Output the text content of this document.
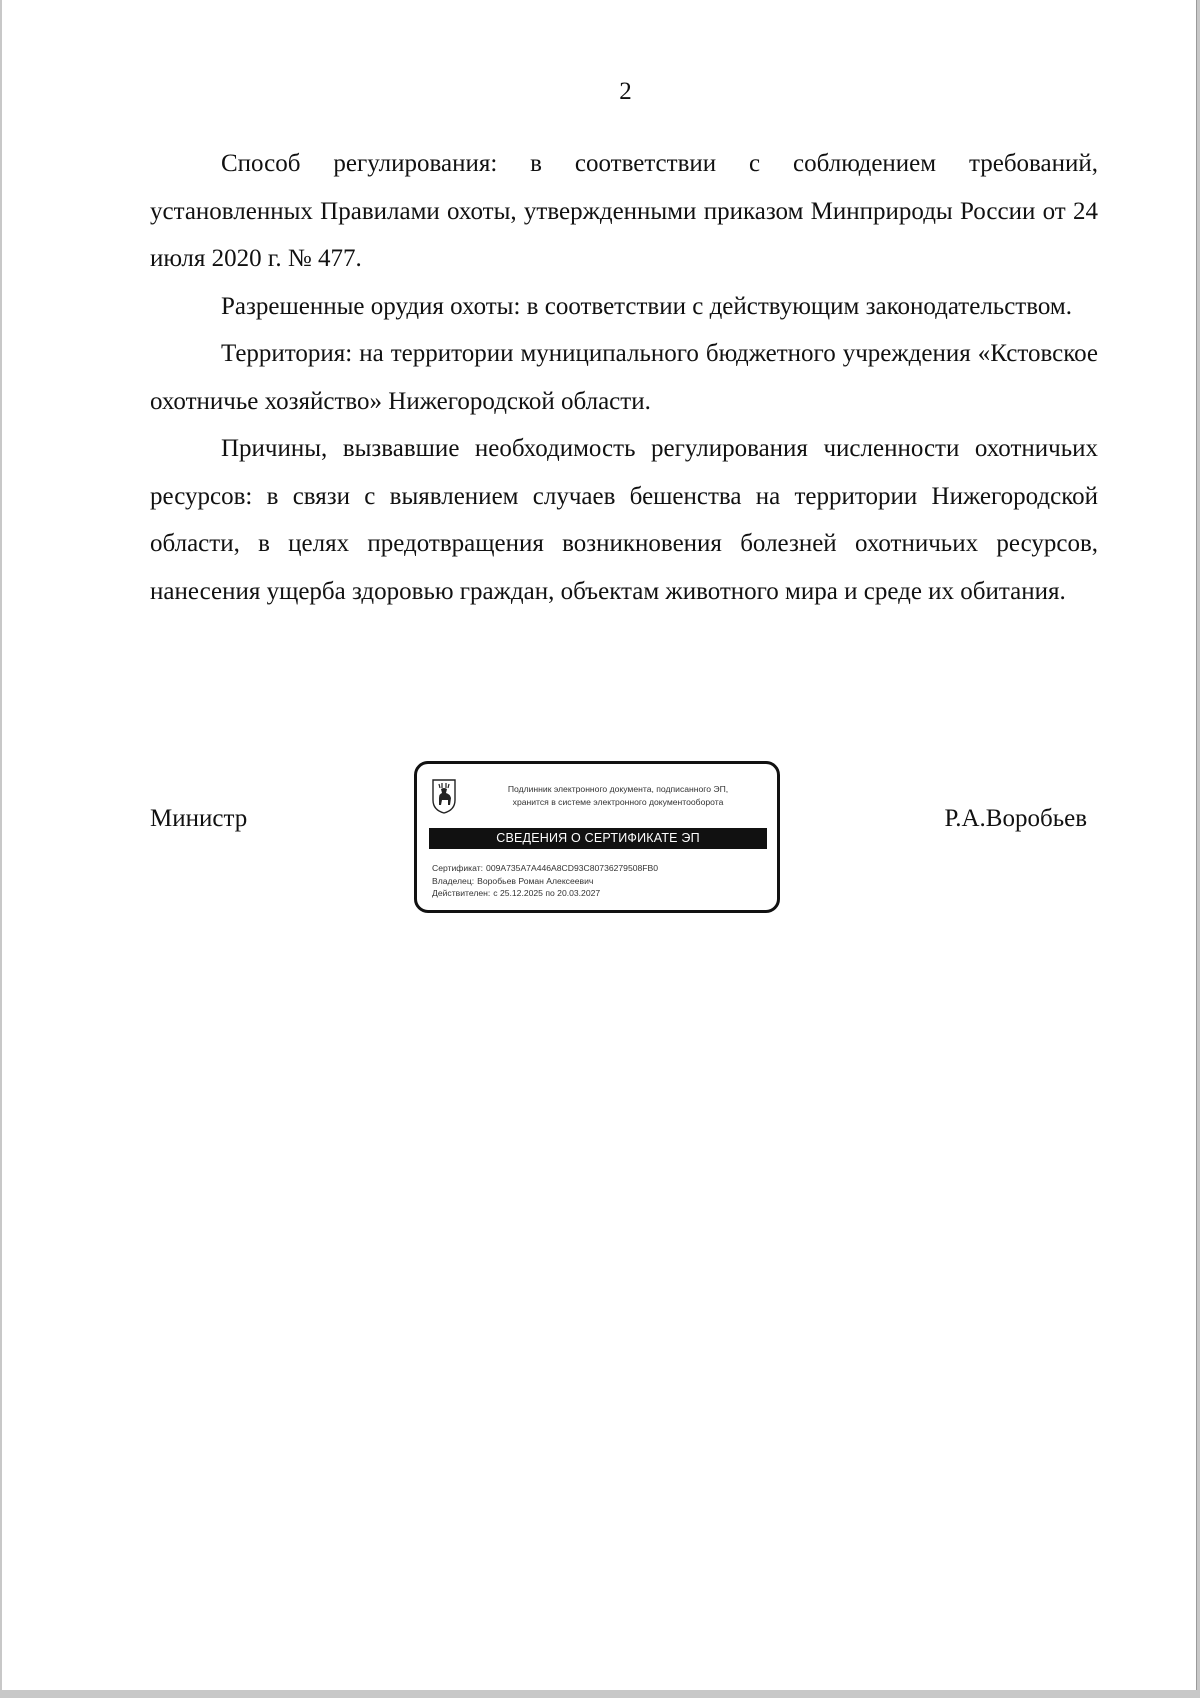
2

Способ регулирования: в соответствии с соблюдением требований, установленных Правилами охоты, утвержденными приказом Минприроды России от 24 июля 2020 г. № 477.

Разрешенные орудия охоты: в соответствии с действующим законодательством.

Территория: на территории муниципального бюджетного учреждения «Кстовское охотничье хозяйство» Нижегородской области.

Причины, вызвавшие необходимость регулирования численности охотничьих ресурсов: в связи с выявлением случаев бешенства на территории Нижегородской области, в целях предотвращения возникновения болезней охотничьих ресурсов, нанесения ущерба здоровью граждан, объектам животного мира и среде их обитания.

Министр
Подлинник электронного документа, подписанного ЭП,
хранится в системе электронного документооборота
СВЕДЕНИЯ О СЕРТИФИКАТЕ ЭП
Сертификат: 009A735A7A446A8CD93C80736279508FB0
Владелец: Воробьев Роман Алексеевич
Действителен: с 25.12.2025 по 20.03.2027
Р.А.Воробьев
